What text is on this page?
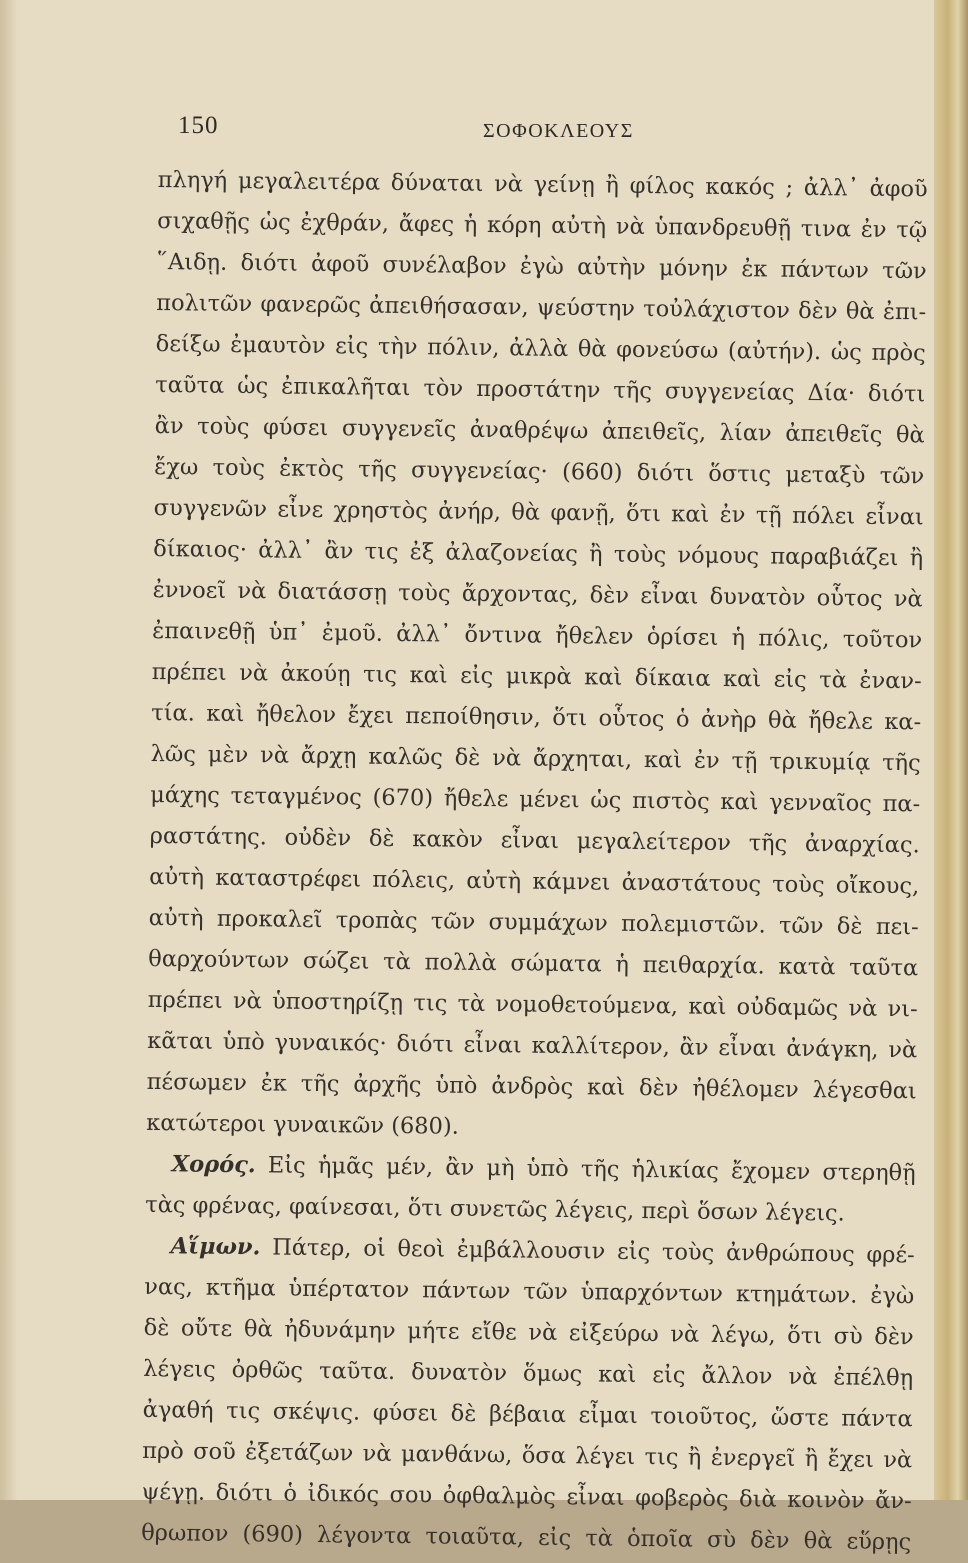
150	ΣΟΦΟΚΛΕΟΥΣ
πληγή μεγαλειτέρα δύναται νὰ γείνῃ ἢ φίλος κακός ; ἀλλ᾽ ἀφοῦ
σιχαθῇς ὡς ἐχθράν, ἄφες ἡ κόρη αὐτὴ νὰ ὑπανδρευθῇ τινα ἐν τῷ
῞Αιδῃ. διότι ἀφοῦ συνέλαβον ἐγὼ αὐτὴν μόνην ἐκ πάντων τῶν
πολιτῶν φανερῶς ἀπειθήσασαν, ψεύστην τοὐλάχιστον δὲν θὰ ἐπι-
δείξω ἐμαυτὸν εἰς τὴν πόλιν, ἀλλὰ θὰ φονεύσω (αὐτήν). ὡς πρὸς
ταῦτα ὡς ἐπικαλῆται τὸν προστάτην τῆς συγγενείας Δία· διότι
ἂν τοὺς φύσει συγγενεῖς ἀναθρέψω ἀπειθεῖς, λίαν ἀπειθεῖς θὰ
ἔχω τοὺς ἐκτὸς τῆς συγγενείας· (660) διότι ὅστις μεταξὺ τῶν
συγγενῶν εἶνε χρηστὸς ἀνήρ, θὰ φανῇ, ὅτι καὶ ἐν τῇ πόλει εἶναι
δίκαιος· ἀλλ᾽ ἂν τις ἐξ ἀλαζονείας ἢ τοὺς νόμους παραβιάζει ἢ
ἐννοεῖ νὰ διατάσσῃ τοὺς ἄρχοντας, δὲν εἶναι δυνατὸν οὗτος νὰ
ἐπαινεθῇ ὑπ᾽ ἐμοῦ. ἀλλ᾽ ὄντινα ἤθελεν ὁρίσει ἡ πόλις, τοῦτον
πρέπει νὰ ἀκούῃ τις καὶ εἰς μικρὰ καὶ δίκαια καὶ εἰς τὰ ἐναν-
τία. καὶ ἤθελον ἔχει πεποίθησιν, ὅτι οὗτος ὁ ἀνὴρ θὰ ἤθελε κα-
λῶς μὲν νὰ ἄρχῃ καλῶς δὲ νὰ ἄρχηται, καὶ ἐν τῇ τρικυμίᾳ τῆς
μάχης τεταγμένος (670) ἤθελε μένει ὡς πιστὸς καὶ γενναῖος πα-
ραστάτης. οὐδὲν δὲ κακὸν εἶναι μεγαλείτερον τῆς ἀναρχίας.
αὐτὴ καταστρέφει πόλεις, αὐτὴ κάμνει ἀναστάτους τοὺς οἴκους,
αὐτὴ προκαλεῖ τροπὰς τῶν συμμάχων πολεμιστῶν. τῶν δὲ πει-
θαρχούντων σώζει τὰ πολλὰ σώματα ἡ πειθαρχία. κατὰ ταῦτα
πρέπει νὰ ὑποστηρίζῃ τις τὰ νομοθετούμενα, καὶ οὐδαμῶς νὰ νι-
κᾶται ὑπὸ γυναικός· διότι εἶναι καλλίτερον, ἂν εἶναι ἀνάγκη, νὰ
πέσωμεν ἐκ τῆς ἀρχῆς ὑπὸ ἀνδρὸς καὶ δὲν ἠθέλομεν λέγεσθαι
κατώτεροι γυναικῶν (680).
Χορός. Εἰς ἡμᾶς μέν, ἂν μὴ ὑπὸ τῆς ἡλικίας ἔχομεν στερηθῇ
τὰς φρένας, φαίνεσαι, ὅτι συνετῶς λέγεις, περὶ ὅσων λέγεις.
Αἵμων. Πάτερ, οἱ θεοὶ ἐμβάλλουσιν εἰς τοὺς ἀνθρώπους φρέ-
νας, κτῆμα ὑπέρτατον πάντων τῶν ὑπαρχόντων κτημάτων. ἐγὼ
δὲ οὔτε θὰ ἠδυνάμην μήτε εἴθε νὰ εἰξεύρω νὰ λέγω, ὅτι σὺ δὲν
λέγεις ὀρθῶς ταῦτα. δυνατὸν ὅμως καὶ εἰς ἄλλον νὰ ἐπέλθῃ
ἀγαθή τις σκέψις. φύσει δὲ βέβαια εἶμαι τοιοῦτος, ὥστε πάντα
πρὸ σοῦ ἐξετάζων νὰ μανθάνω, ὅσα λέγει τις ἢ ἐνεργεῖ ἢ ἔχει νὰ
ψέγῃ. διότι ὁ ἰδικός σου ὀφθαλμὸς εἶναι φοβερὸς διὰ κοινὸν ἄν-
θρωπον (690) λέγοντα τοιαῦτα, εἰς τὰ ὁποῖα σὺ δὲν θὰ εὕρῃς
